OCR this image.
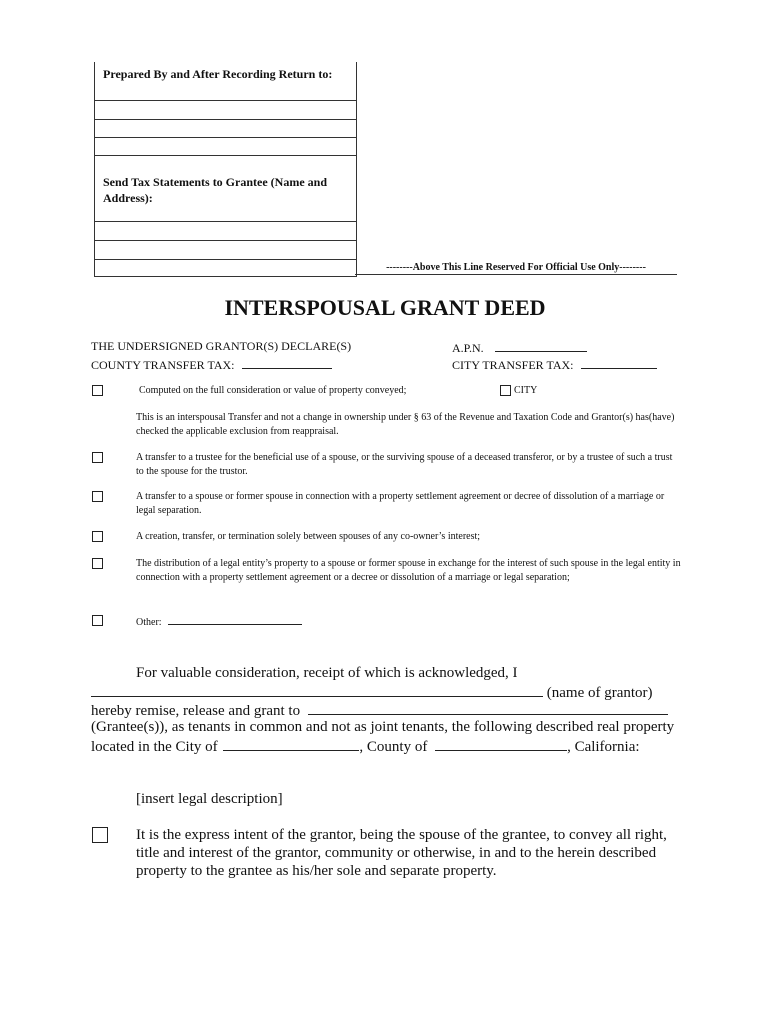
Prepared By and After Recording Return to:
Send Tax Statements to Grantee (Name and Address):
--------Above This Line Reserved For Official Use Only--------
INTERSPOUSAL GRANT DEED
THE UNDERSIGNED GRANTOR(S) DECLARE(S)	A.P.N.
COUNTY TRANSFER TAX:	CITY TRANSFER TAX:
Computed on the full consideration or value of property conveyed;	CITY
This is an interspousal Transfer and not a change in ownership under § 63 of the Revenue and Taxation Code and Grantor(s) has(have) checked the applicable exclusion from reappraisal.
A transfer to a trustee for the beneficial use of a spouse, or the surviving spouse of a deceased transferor, or by a trustee of such a trust to the spouse for the trustor.
A transfer to a spouse or former spouse in connection with a property settlement agreement or decree of dissolution of a marriage or legal separation.
A creation, transfer, or termination solely between spouses of any co-owner’s interest;
The distribution of a legal entity’s property to a spouse or former spouse in exchange for the interest of such spouse in the legal entity in connection with a property settlement agreement or a decree or dissolution of a marriage or legal separation;
Other:
For valuable consideration, receipt of which is acknowledged, I
(name of grantor)
hereby remise, release and grant to
(Grantee(s)), as tenants in common and not as joint tenants, the following described real property
located in the City of	, County of	, California:
[insert legal description]
It is the express intent of the grantor, being the spouse of the grantee, to convey all right,
title and interest of the grantor, community or otherwise, in and to the herein described
property to the grantee as his/her sole and separate property.
